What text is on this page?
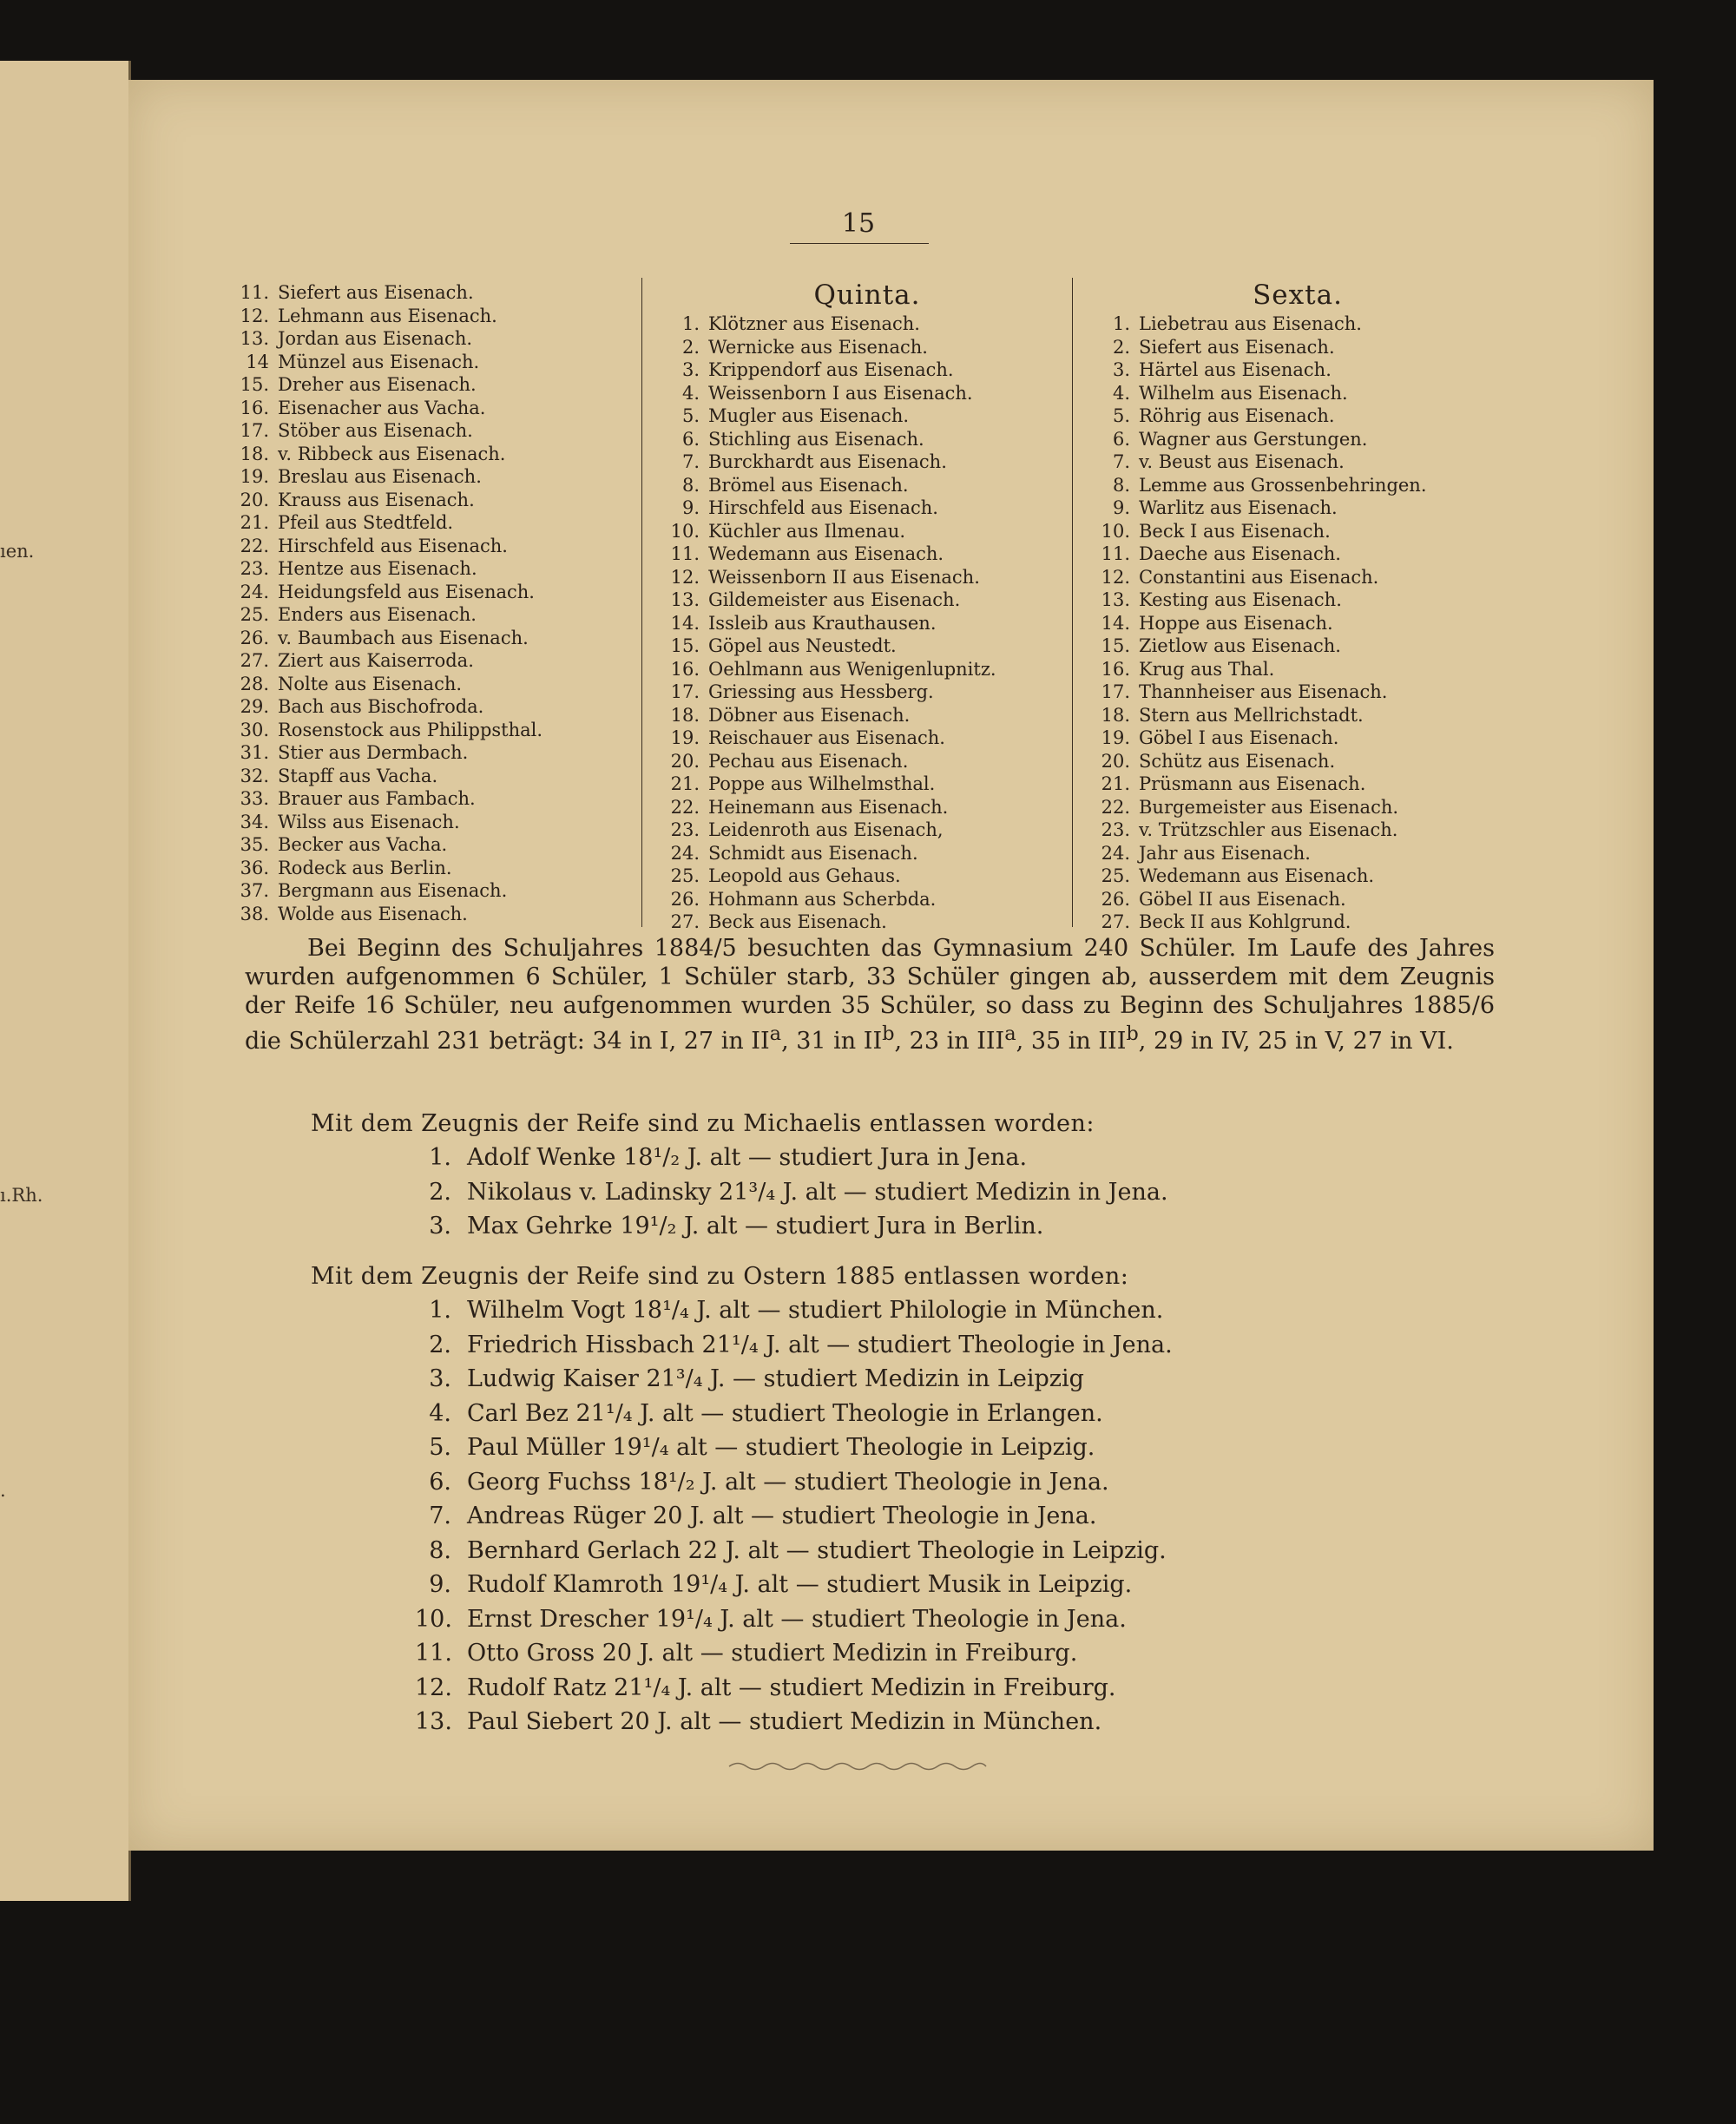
ıen.
ı.Rh.
.
15
11. Siefert aus Eisenach.
12. Lehmann aus Eisenach.
13. Jordan aus Eisenach.
14 Münzel aus Eisenach.
15. Dreher aus Eisenach.
16. Eisenacher aus Vacha.
17. Stöber aus Eisenach.
18. v. Ribbeck aus Eisenach.
19. Breslau aus Eisenach.
20. Krauss aus Eisenach.
21. Pfeil aus Stedtfeld.
22. Hirschfeld aus Eisenach.
23. Hentze aus Eisenach.
24. Heidungsfeld aus Eisenach.
25. Enders aus Eisenach.
26. v. Baumbach aus Eisenach.
27. Ziert aus Kaiserroda.
28. Nolte aus Eisenach.
29. Bach aus Bischofroda.
30. Rosenstock aus Philippsthal.
31. Stier aus Dermbach.
32. Stapff aus Vacha.
33. Brauer aus Fambach.
34. Wilss aus Eisenach.
35. Becker aus Vacha.
36. Rodeck aus Berlin.
37. Bergmann aus Eisenach.
38. Wolde aus Eisenach.
Quinta.
1. Klötzner aus Eisenach.
2. Wernicke aus Eisenach.
3. Krippendorf aus Eisenach.
4. Weissenborn I aus Eisenach.
5. Mugler aus Eisenach.
6. Stichling aus Eisenach.
7. Burckhardt aus Eisenach.
8. Brömel aus Eisenach.
9. Hirschfeld aus Eisenach.
10. Küchler aus Ilmenau.
11. Wedemann aus Eisenach.
12. Weissenborn II aus Eisenach.
13. Gildemeister aus Eisenach.
14. Issleib aus Krauthausen.
15. Göpel aus Neustedt.
16. Oehlmann aus Wenigenlupnitz.
17. Griessing aus Hessberg.
18. Döbner aus Eisenach.
19. Reischauer aus Eisenach.
20. Pechau aus Eisenach.
21. Poppe aus Wilhelmsthal.
22. Heinemann aus Eisenach.
23. Leidenroth aus Eisenach,
24. Schmidt aus Eisenach.
25. Leopold aus Gehaus.
26. Hohmann aus Scherbda.
27. Beck aus Eisenach.
Sexta.
1. Liebetrau aus Eisenach.
2. Siefert aus Eisenach.
3. Härtel aus Eisenach.
4. Wilhelm aus Eisenach.
5. Röhrig aus Eisenach.
6. Wagner aus Gerstungen.
7. v. Beust aus Eisenach.
8. Lemme aus Grossenbehringen.
9. Warlitz aus Eisenach.
10. Beck I aus Eisenach.
11. Daeche aus Eisenach.
12. Constantini aus Eisenach.
13. Kesting aus Eisenach.
14. Hoppe aus Eisenach.
15. Zietlow aus Eisenach.
16. Krug aus Thal.
17. Thannheiser aus Eisenach.
18. Stern aus Mellrichstadt.
19. Göbel I aus Eisenach.
20. Schütz aus Eisenach.
21. Prüsmann aus Eisenach.
22. Burgemeister aus Eisenach.
23. v. Trützschler aus Eisenach.
24. Jahr aus Eisenach.
25. Wedemann aus Eisenach.
26. Göbel II aus Eisenach.
27. Beck II aus Kohlgrund.
Bei Beginn des Schuljahres 1884/5 besuchten das Gymnasium 240 Schüler. Im Laufe des Jahres wurden aufgenommen 6 Schüler, 1 Schüler starb, 33 Schüler gingen ab, ausserdem mit dem Zeugnis der Reife 16 Schüler, neu aufgenommen wurden 35 Schüler, so dass zu Beginn des Schuljahres 1885/6 die Schülerzahl 231 beträgt: 34 in I, 27 in $II^a$, 31 in $II^b$, 23 in III$^a$, 35 in III$^b$, 29 in IV, 25 in V, 27 in VI.
Mit dem Zeugnis der Reife sind zu Michaelis entlassen worden:
1. Adolf Wenke 18¹/₂ J. alt — studiert Jura in Jena.
2. Nikolaus v. Ladinsky 21³/₄ J. alt — studiert Medizin in Jena.
3. Max Gehrke 19¹/₂ J. alt — studiert Jura in Berlin.
Mit dem Zeugnis der Reife sind zu Ostern 1885 entlassen worden:
1. Wilhelm Vogt 18¹/₄ J. alt — studiert Philologie in München.
2. Friedrich Hissbach 21¹/₄ J. alt — studiert Theologie in Jena.
3. Ludwig Kaiser 21³/₄ J. — studiert Medizin in Leipzig
4. Carl Bez 21¹/₄ J. alt — studiert Theologie in Erlangen.
5. Paul Müller 19¹/₄ alt — studiert Theologie in Leipzig.
6. Georg Fuchss 18¹/₂ J. alt — studiert Theologie in Jena.
7. Andreas Rüger 20 J. alt — studiert Theologie in Jena.
8. Bernhard Gerlach 22 J. alt — studiert Theologie in Leipzig.
9. Rudolf Klamroth 19¹/₄ J. alt — studiert Musik in Leipzig.
10. Ernst Drescher 19¹/₄ J. alt — studiert Theologie in Jena.
11. Otto Gross 20 J. alt — studiert Medizin in Freiburg.
12. Rudolf Ratz 21¹/₄ J. alt — studiert Medizin in Freiburg.
13. Paul Siebert 20 J. alt — studiert Medizin in München.
